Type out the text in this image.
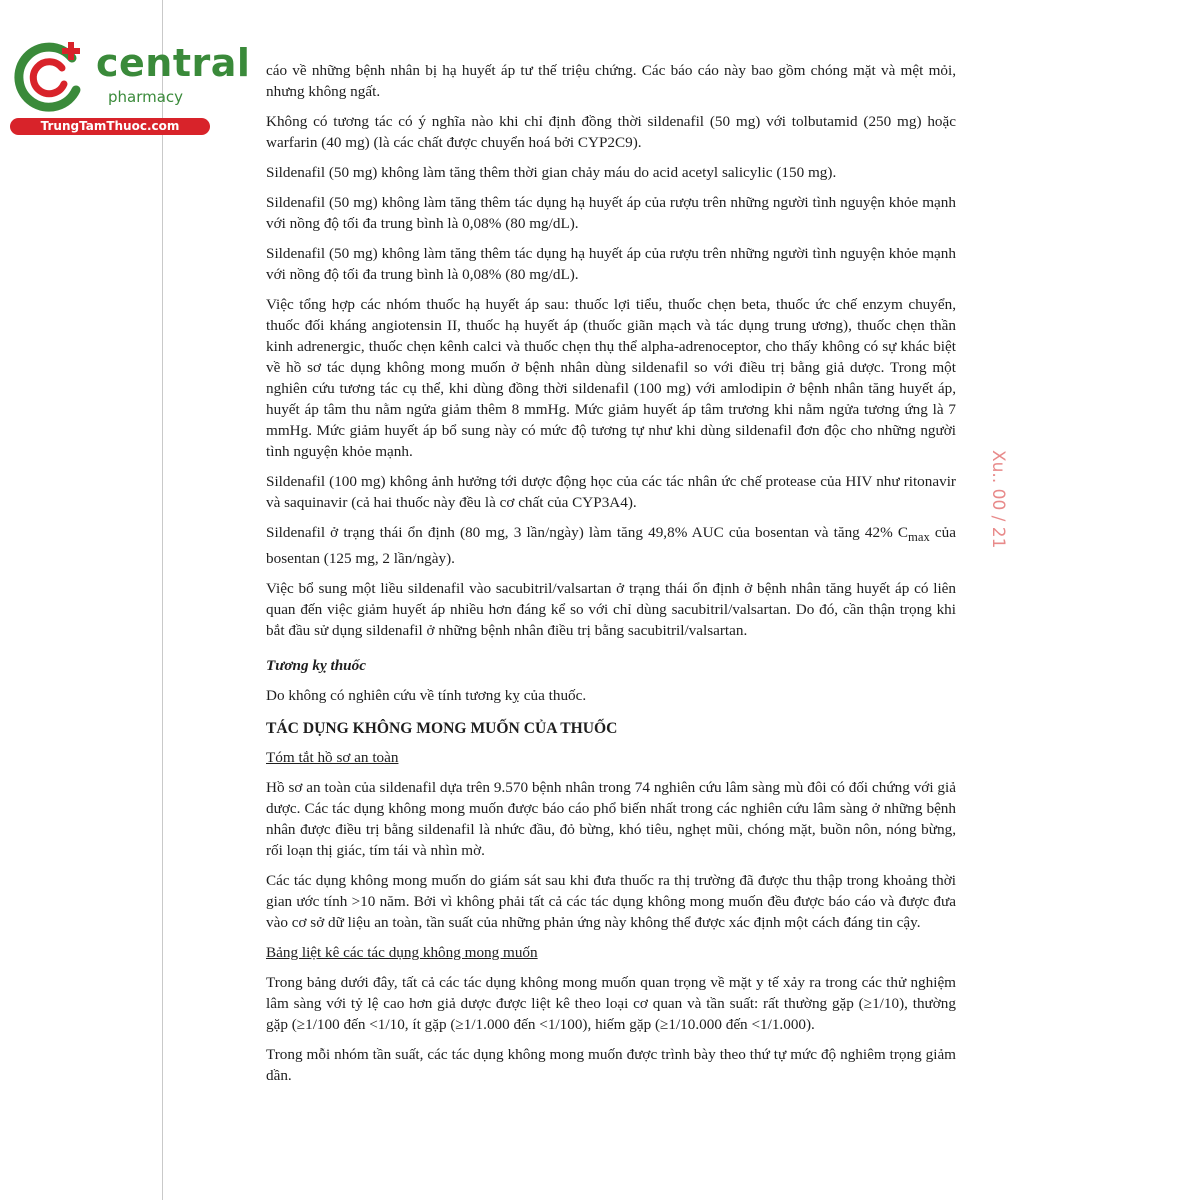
central
pharmacy
TrungTamThuoc.com

cáo về những bệnh nhân bị hạ huyết áp tư thế triệu chứng. Các báo cáo này bao gồm chóng mặt và mệt mỏi, nhưng không ngất.

Không có tương tác có ý nghĩa nào khi chỉ định đồng thời sildenafil (50 mg) với tolbutamid (250 mg) hoặc warfarin (40 mg) (là các chất được chuyển hoá bởi CYP2C9).

Sildenafil (50 mg) không làm tăng thêm thời gian chảy máu do acid acetyl salicylic (150 mg).

Sildenafil (50 mg) không làm tăng thêm tác dụng hạ huyết áp của rượu trên những người tình nguyện khỏe mạnh với nồng độ tối đa trung bình là 0,08% (80 mg/dL).

Sildenafil (50 mg) không làm tăng thêm tác dụng hạ huyết áp của rượu trên những người tình nguyện khỏe mạnh với nồng độ tối đa trung bình là 0,08% (80 mg/dL).

Việc tổng hợp các nhóm thuốc hạ huyết áp sau: thuốc lợi tiểu, thuốc chẹn beta, thuốc ức chế enzym chuyển, thuốc đối kháng angiotensin II, thuốc hạ huyết áp (thuốc giãn mạch và tác dụng trung ương), thuốc chẹn thần kinh adrenergic, thuốc chẹn kênh calci và thuốc chẹn thụ thể alpha-adrenoceptor, cho thấy không có sự khác biệt về hồ sơ tác dụng không mong muốn ở bệnh nhân dùng sildenafil so với điều trị bằng giả dược. Trong một nghiên cứu tương tác cụ thể, khi dùng đồng thời sildenafil (100 mg) với amlodipin ở bệnh nhân tăng huyết áp, huyết áp tâm thu nằm ngửa giảm thêm 8 mmHg. Mức giảm huyết áp tâm trương khi nằm ngửa tương ứng là 7 mmHg. Mức giảm huyết áp bổ sung này có mức độ tương tự như khi dùng sildenafil đơn độc cho những người tình nguyện khỏe mạnh.

Sildenafil (100 mg) không ảnh hưởng tới dược động học của các tác nhân ức chế protease của HIV như ritonavir và saquinavir (cả hai thuốc này đều là cơ chất của CYP3A4).

Sildenafil ở trạng thái ổn định (80 mg, 3 lần/ngày) làm tăng 49,8% AUC của bosentan và tăng 42% $C_{max}$ của bosentan (125 mg, 2 lần/ngày).

Việc bổ sung một liều sildenafil vào sacubitril/valsartan ở trạng thái ổn định ở bệnh nhân tăng huyết áp có liên quan đến việc giảm huyết áp nhiều hơn đáng kể so với chỉ dùng sacubitril/valsartan. Do đó, cần thận trọng khi bắt đầu sử dụng sildenafil ở những bệnh nhân điều trị bằng sacubitril/valsartan.

Tương kỵ thuốc

Do không có nghiên cứu về tính tương kỵ của thuốc.

TÁC DỤNG KHÔNG MONG MUỐN CỦA THUỐC
Tóm tắt hồ sơ an toàn

Hồ sơ an toàn của sildenafil dựa trên 9.570 bệnh nhân trong 74 nghiên cứu lâm sàng mù đôi có đối chứng với giả dược. Các tác dụng không mong muốn được báo cáo phổ biến nhất trong các nghiên cứu lâm sàng ở những bệnh nhân được điều trị bằng sildenafil là nhức đầu, đỏ bừng, khó tiêu, nghẹt mũi, chóng mặt, buồn nôn, nóng bừng, rối loạn thị giác, tím tái và nhìn mờ.

Các tác dụng không mong muốn do giám sát sau khi đưa thuốc ra thị trường đã được thu thập trong khoảng thời gian ước tính >10 năm. Bởi vì không phải tất cả các tác dụng không mong muốn đều được báo cáo và được đưa vào cơ sở dữ liệu an toàn, tần suất của những phản ứng này không thể được xác định một cách đáng tin cậy.

Bảng liệt kê các tác dụng không mong muốn

Trong bảng dưới đây, tất cả các tác dụng không mong muốn quan trọng về mặt y tế xảy ra trong các thử nghiệm lâm sàng với tỷ lệ cao hơn giả dược được liệt kê theo loại cơ quan và tần suất: rất thường gặp (≥1/10), thường gặp (≥1/100 đến <1/10, ít gặp (≥1/1.000 đến <1/100), hiếm gặp (≥1/10.000 đến <1/1.000).

Trong mỗi nhóm tần suất, các tác dụng không mong muốn được trình bày theo thứ tự mức độ nghiêm trọng giảm dần.

Xu.. 00 / 21
